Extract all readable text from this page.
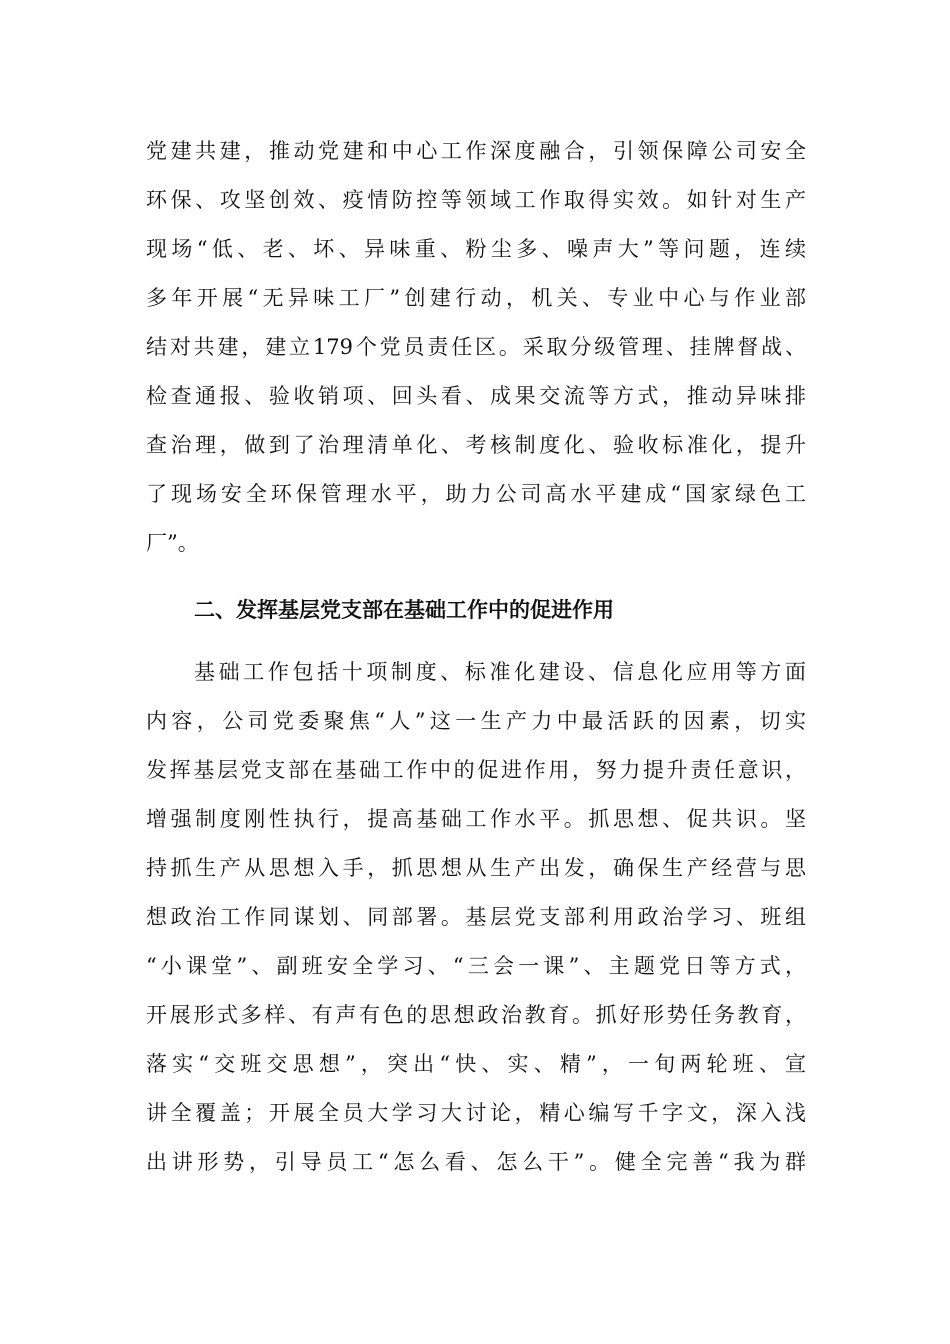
党建共建，推动党建和中心工作深度融合，引领保障公司安全
环保、攻坚创效、疫情防控等领域工作取得实效。如针对生产
现场“低、老、坏、异味重、粉尘多、噪声大”等问题，连续
多年开展“无异味工厂”创建行动，机关、专业中心与作业部
结对共建，建立179个党员责任区。采取分级管理、挂牌督战、
检查通报、验收销项、回头看、成果交流等方式，推动异味排
查治理，做到了治理清单化、考核制度化、验收标准化，提升
了现场安全环保管理水平，助力公司高水平建成“国家绿色工
厂”。
二、发挥基层党支部在基础工作中的促进作用
基础工作包括十项制度、标准化建设、信息化应用等方面
内容，公司党委聚焦“人”这一生产力中最活跃的因素，切实
发挥基层党支部在基础工作中的促进作用，努力提升责任意识，
增强制度刚性执行，提高基础工作水平。抓思想、促共识。坚
持抓生产从思想入手，抓思想从生产出发，确保生产经营与思
想政治工作同谋划、同部署。基层党支部利用政治学习、班组
“小课堂”、副班安全学习、“三会一课”、主题党日等方式，
开展形式多样、有声有色的思想政治教育。抓好形势任务教育，
落实“交班交思想”，突出“快、实、精”，一旬两轮班、宣
讲全覆盖；开展全员大学习大讨论，精心编写千字文，深入浅
出讲形势，引导员工“怎么看、怎么干”。健全完善“我为群
